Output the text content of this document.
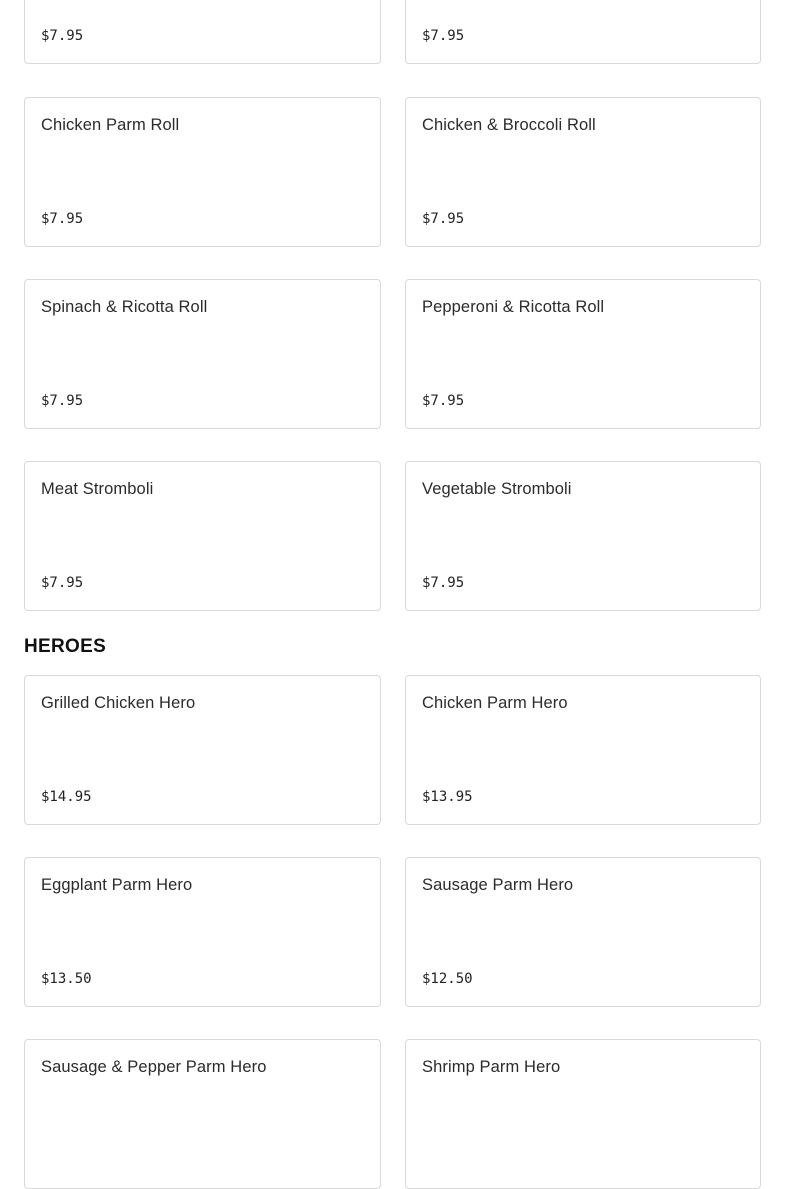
$7.95	$7.95
Chicken Parm Roll
$7.95
Chicken & Broccoli Roll
$7.95
Spinach & Ricotta Roll
$7.95
Pepperoni & Ricotta Roll
$7.95
Meat Stromboli
$7.95
Vegetable Stromboli
$7.95
HEROES
Grilled Chicken Hero
$14.95
Chicken Parm Hero
$13.95
Eggplant Parm Hero
$13.50
Sausage Parm Hero
$12.50
Sausage & Pepper Parm Hero	Shrimp Parm Hero
